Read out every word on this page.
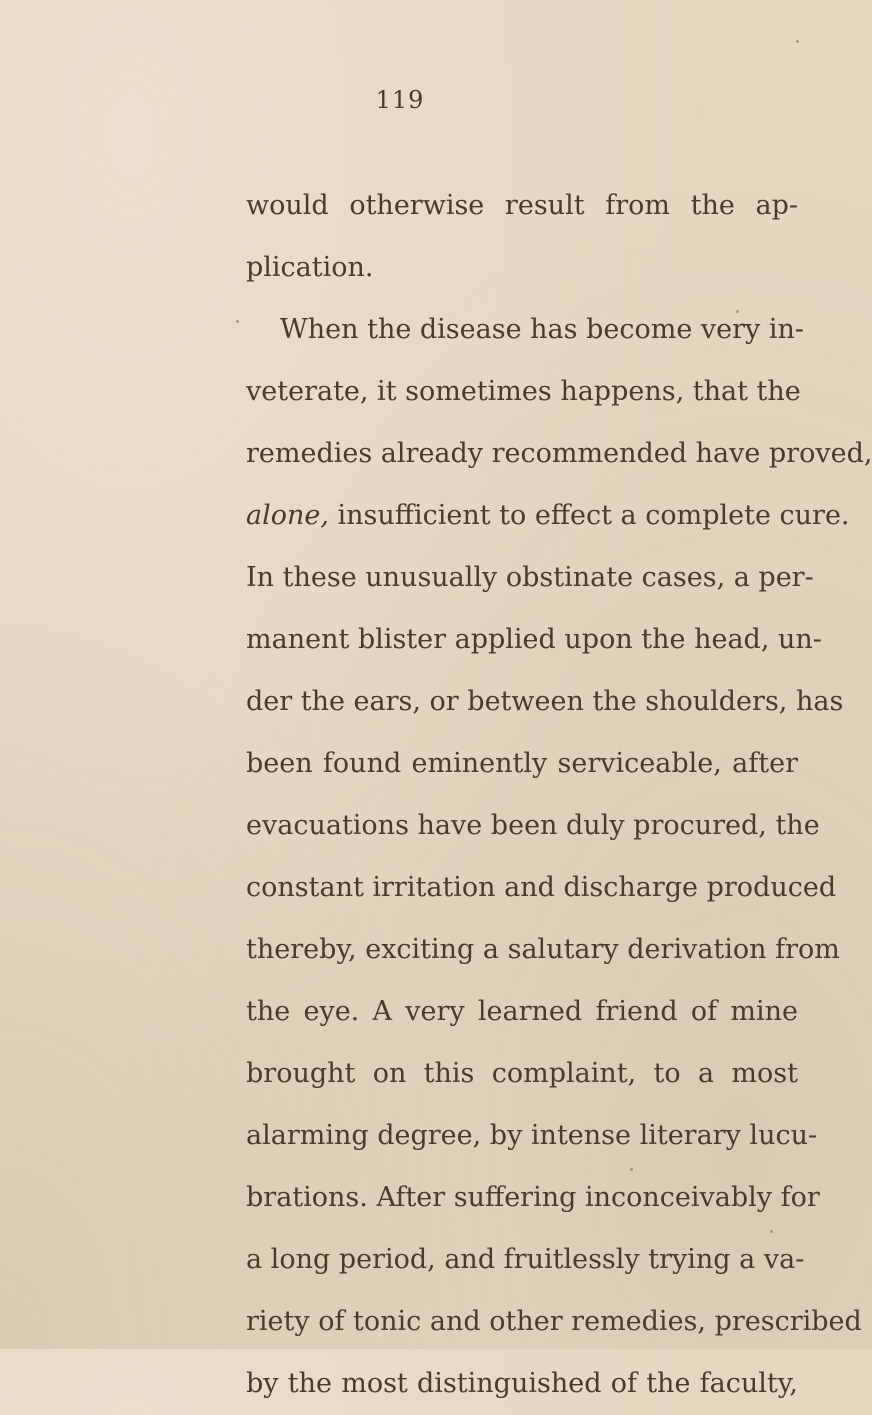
119
would otherwise result from the ap-
plication.
When the disease has become very in-
veterate, it sometimes happens, that the
remedies already recommended have proved,
alone, insufficient to effect a complete cure.
In these unusually obstinate cases, a per-
manent blister applied upon the head, un-
der the ears, or between the shoulders, has
been found eminently serviceable, after
evacuations have been duly procured, the
constant irritation and discharge produced
thereby, exciting a salutary derivation from
the eye. A very learned friend of mine
brought on this complaint, to a most
alarming degree, by intense literary lucu-
brations. After suffering inconceivably for
a long period, and fruitlessly trying a va-
riety of tonic and other remedies, prescribed
by the most distinguished of the faculty,
